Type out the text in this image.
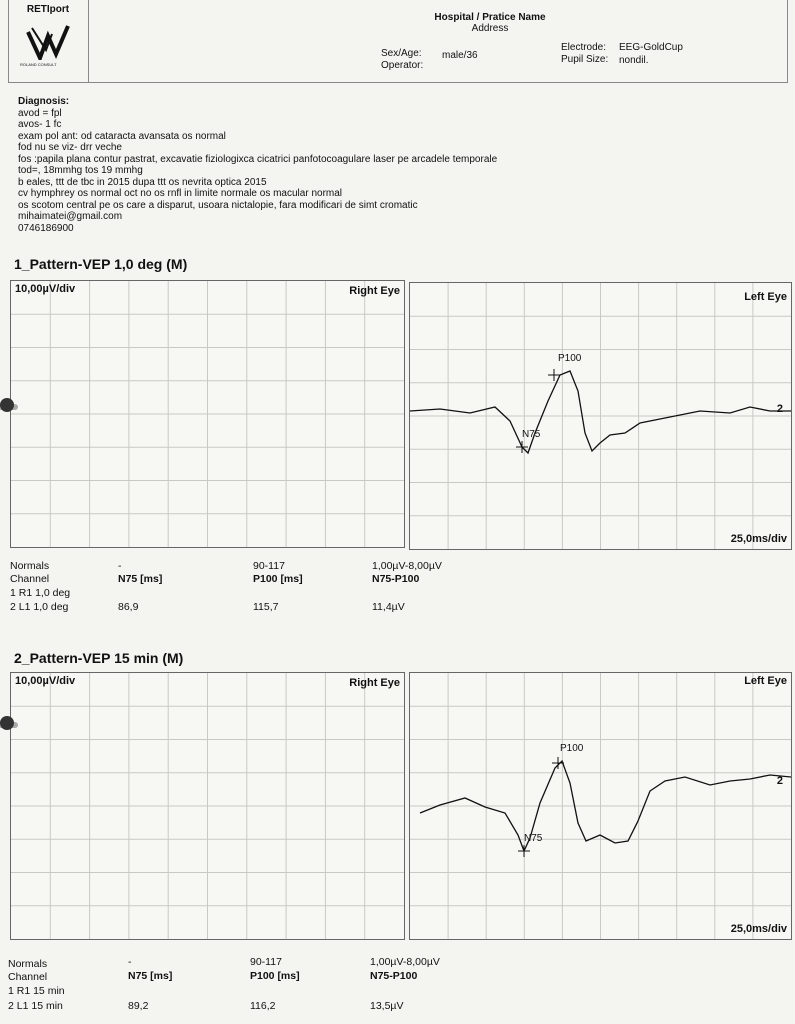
RETIport
ROLAND CONSULT
Hospital / Pratice Name
Address
Sex/Age: male/36
Operator:
Electrode: EEG-GoldCup
Pupil Size: nondil.
Diagnosis:
avod = fpl
avos- 1 fc
exam pol ant: od cataracta avansata os normal
fod nu se viz- drr veche
fos :papila plana contur pastrat, excavatie fiziologixca cicatrici panfotocoagulare laser pe arcadele temporale
tod=, 18mmhg tos 19 mmhg
b eales, ttt de tbc in 2015 dupa ttt os nevrita optica 2015
cv hymphrey os normal oct no os rnfl in limite normale os macular normal
os scotom central pe os care a disparut, usoara nictalopie, fara modificari de simt cromatic
mihaimatei@gmail.com
0746186900
1_Pattern-VEP 1,0 deg (M)
10,00µV/div	Right Eye	Left Eye
N75
P100
2
25,0ms/div
Normals	-	90-117	1,00µV-8,00µV
Channel	N75 [ms]	P100 [ms]	N75-P100
1 R1 1,0 deg
2 L1 1,0 deg	86,9	115,7	11,4µV
2_Pattern-VEP 15 min (M)
10,00µV/div	Right Eye	Left Eye
N75
P100
2
25,0ms/div
Normals	-	90-117	1,00µV-8,00µV
Channel	N75 [ms]	P100 [ms]	N75-P100
1 R1 15 min
2 L1 15 min	89,2	116,2	13,5µV
